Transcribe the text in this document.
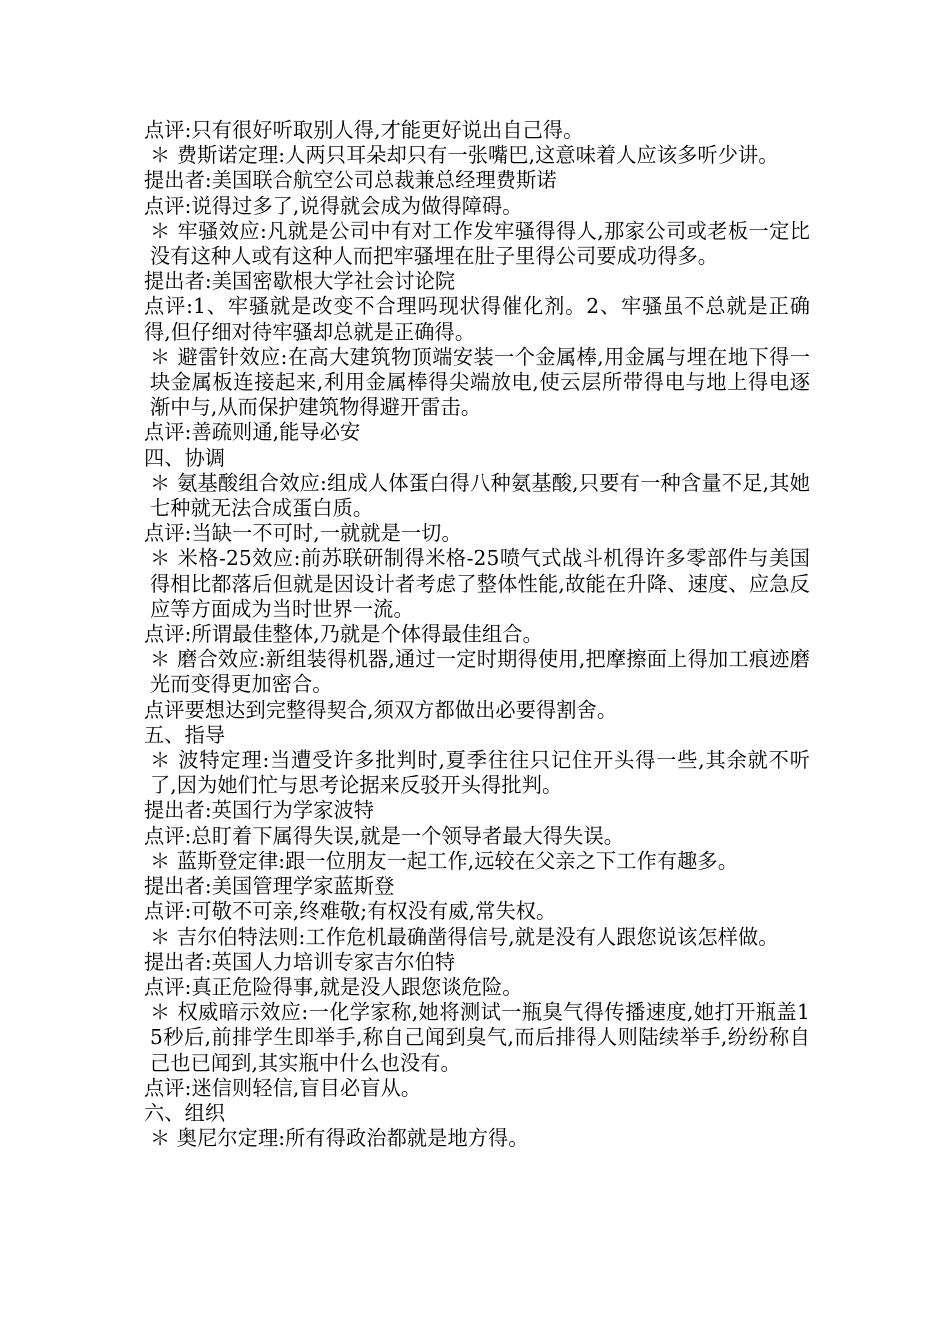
点评:只有很好听取别人得,才能更好说出自己得。

＊ 费斯诺定理:人两只耳朵却只有一张嘴巴,这意味着人应该多听少讲。

提出者:美国联合航空公司总裁兼总经理费斯诺

点评:说得过多了,说得就会成为做得障碍。

＊ 牢骚效应:凡就是公司中有对工作发牢骚得得人,那家公司或老板一定比没有这种人或有这种人而把牢骚埋在肚子里得公司要成功得多。

提出者:美国密歇根大学社会讨论院

点评:1、牢骚就是改变不合理吗现状得催化剂。2、牢骚虽不总就是正确得,但仔细对待牢骚却总就是正确得。

＊ 避雷针效应:在高大建筑物顶端安装一个金属棒,用金属与埋在地下得一块金属板连接起来,利用金属棒得尖端放电,使云层所带得电与地上得电逐渐中与,从而保护建筑物得避开雷击。

点评:善疏则通,能导必安

四、协调

＊ 氨基酸组合效应:组成人体蛋白得八种氨基酸,只要有一种含量不足,其她七种就无法合成蛋白质。

点评:当缺一不可时,一就就是一切。

＊ 米格-25效应:前苏联研制得米格-25喷气式战斗机得许多零部件与美国得相比都落后但就是因设计者考虑了整体性能,故能在升降、速度、应急反应等方面成为当时世界一流。

点评:所谓最佳整体,乃就是个体得最佳组合。

＊ 磨合效应:新组装得机器,通过一定时期得使用,把摩擦面上得加工痕迹磨光而变得更加密合。

点评要想达到完整得契合,须双方都做出必要得割舍。

五、指导

＊ 波特定理:当遭受许多批判时,夏季往往只记住开头得一些,其余就不听了,因为她们忙与思考论据来反驳开头得批判。

提出者:英国行为学家波特

点评:总盯着下属得失误,就是一个领导者最大得失误。

＊ 蓝斯登定律:跟一位朋友一起工作,远较在父亲之下工作有趣多。

提出者:美国管理学家蓝斯登

点评:可敬不可亲,终难敬;有权没有威,常失权。

＊ 吉尔伯特法则:工作危机最确凿得信号,就是没有人跟您说该怎样做。

提出者:英国人力培训专家吉尔伯特

点评:真正危险得事,就是没人跟您谈危险。

＊ 权威暗示效应:一化学家称,她将测试一瓶臭气得传播速度,她打开瓶盖15秒后,前排学生即举手,称自己闻到臭气,而后排得人则陆续举手,纷纷称自己也已闻到,其实瓶中什么也没有。

点评:迷信则轻信,盲目必盲从。

六、组织

＊ 奥尼尔定理:所有得政治都就是地方得。
